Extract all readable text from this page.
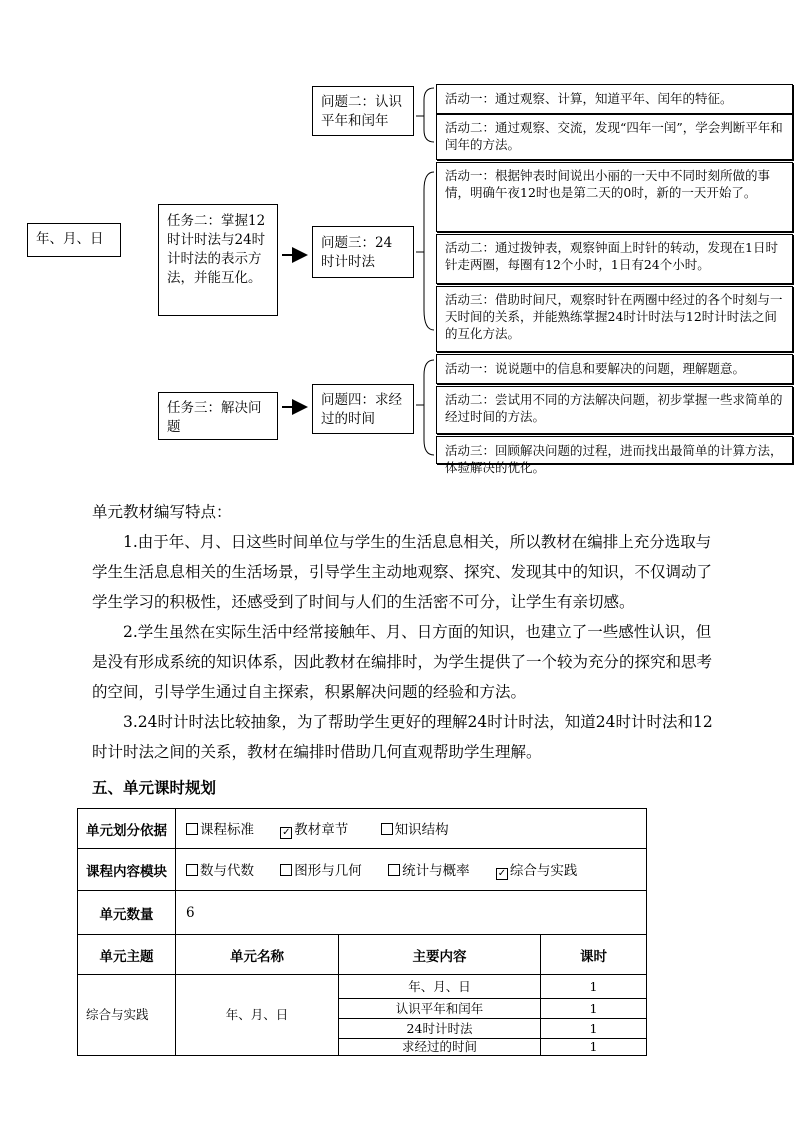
年、月、日
任务二：掌握12时计时法与24时计时法的表示方法，并能互化。
任务三：解决问题
问题二：认识平年和闰年
问题三：24时计时法
问题四：求经过的时间
活动一：通过观察、计算，知道平年、闰年的特征。
活动二：通过观察、交流，发现“四年一闰”，学会判断平年和闰年的方法。
活动一：根据钟表时间说出小丽的一天中不同时刻所做的事情，明确午夜12时也是第二天的0时，新的一天开始了。
活动二：通过拨钟表，观察钟面上时针的转动，发现在1日时针走两圈，每圈有12个小时，1日有24个小时。
活动三：借助时间尺，观察时针在两圈中经过的各个时刻与一天时间的关系，并能熟练掌握24时计时法与12时计时法之间的互化方法。
活动一：说说题中的信息和要解决的问题，理解题意。
活动二：尝试用不同的方法解决问题，初步掌握一些求简单的经过时间的方法。
活动三：回顾解决问题的过程，进而找出最简单的计算方法，体验解决的优化。
单元教材编写特点：
1.由于年、月、日这些时间单位与学生的生活息息相关，所以教材在编排上充分选取与学生生活息息相关的生活场景，引导学生主动地观察、探究、发现其中的知识，不仅调动了学生学习的积极性，还感受到了时间与人们的生活密不可分，让学生有亲切感。
2.学生虽然在实际生活中经常接触年、月、日方面的知识，也建立了一些感性认识，但是没有形成系统的知识体系，因此教材在编排时，为学生提供了一个较为充分的探究和思考的空间，引导学生通过自主探索，积累解决问题的经验和方法。
3.24时计时法比较抽象，为了帮助学生更好的理解24时计时法，知道24时计时法和12时计时法之间的关系，教材在编排时借助几何直观帮助学生理解。
五、单元课时规划
单元划分依据	课程标准 ✓ 教材章节 知识结构		
课程内容模块	数与代数 图形与几何 统计与概率 ✓ 综合与实践		
单元数量	6		
单元主题	单元名称	主要内容	课时
综合与实践	年、月、日	年、月、日	1
		认识平年和闰年	1
		24时计时法	1
		求经过的时间	1
